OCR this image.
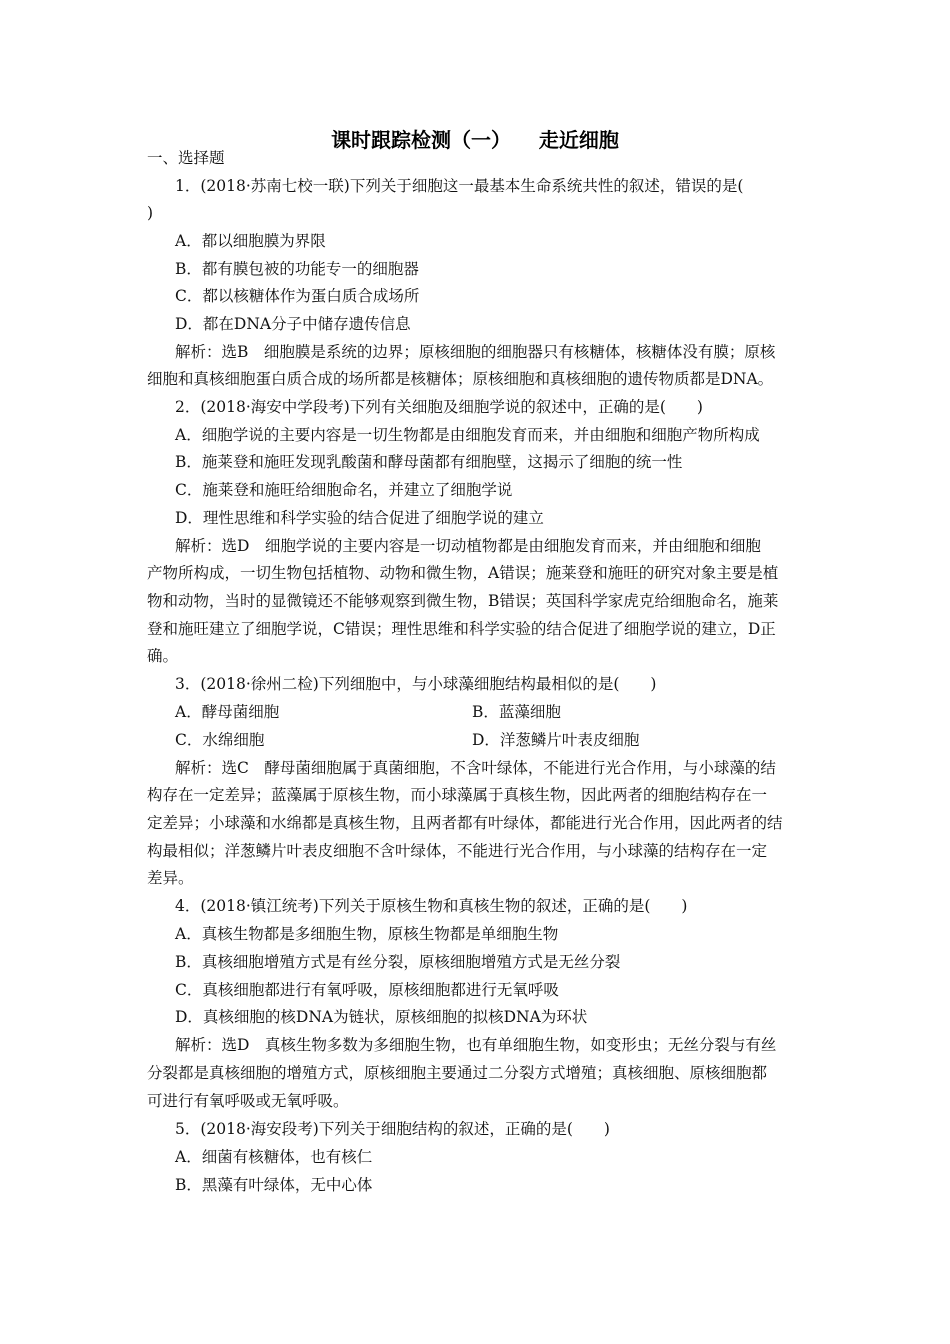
课时跟踪检测（一）    走近细胞
一、选择题
1．(2018·苏南七校一联)下列关于细胞这一最基本生命系统共性的叙述，错误的是(
)
A．都以细胞膜为界限
B．都有膜包被的功能专一的细胞器
C．都以核糖体作为蛋白质合成场所
D．都在DNA分子中储存遗传信息
解析：选B　细胞膜是系统的边界；原核细胞的细胞器只有核糖体，核糖体没有膜；原核
细胞和真核细胞蛋白质合成的场所都是核糖体；原核细胞和真核细胞的遗传物质都是DNA。
2．(2018·海安中学段考)下列有关细胞及细胞学说的叙述中，正确的是(　　)
A．细胞学说的主要内容是一切生物都是由细胞发育而来，并由细胞和细胞产物所构成
B．施莱登和施旺发现乳酸菌和酵母菌都有细胞壁，这揭示了细胞的统一性
C．施莱登和施旺给细胞命名，并建立了细胞学说
D．理性思维和科学实验的结合促进了细胞学说的建立
解析：选D　细胞学说的主要内容是一切动植物都是由细胞发育而来，并由细胞和细胞
产物所构成，一切生物包括植物、动物和微生物，A错误；施莱登和施旺的研究对象主要是植
物和动物，当时的显微镜还不能够观察到微生物，B错误；英国科学家虎克给细胞命名，施莱
登和施旺建立了细胞学说，C错误；理性思维和科学实验的结合促进了细胞学说的建立，D正
确。
3．(2018·徐州二检)下列细胞中，与小球藻细胞结构最相似的是(　　)
A．酵母菌细胞	B．蓝藻细胞
C．水绵细胞	D．洋葱鳞片叶表皮细胞
解析：选C　酵母菌细胞属于真菌细胞，不含叶绿体，不能进行光合作用，与小球藻的结
构存在一定差异；蓝藻属于原核生物，而小球藻属于真核生物，因此两者的细胞结构存在一
定差异；小球藻和水绵都是真核生物，且两者都有叶绿体，都能进行光合作用，因此两者的结
构最相似；洋葱鳞片叶表皮细胞不含叶绿体，不能进行光合作用，与小球藻的结构存在一定
差异。
4．(2018·镇江统考)下列关于原核生物和真核生物的叙述，正确的是(　　)
A．真核生物都是多细胞生物，原核生物都是单细胞生物
B．真核细胞增殖方式是有丝分裂，原核细胞增殖方式是无丝分裂
C．真核细胞都进行有氧呼吸，原核细胞都进行无氧呼吸
D．真核细胞的核DNA为链状，原核细胞的拟核DNA为环状
解析：选D　真核生物多数为多细胞生物，也有单细胞生物，如变形虫；无丝分裂与有丝
分裂都是真核细胞的增殖方式，原核细胞主要通过二分裂方式增殖；真核细胞、原核细胞都
可进行有氧呼吸或无氧呼吸。
5．(2018·海安段考)下列关于细胞结构的叙述，正确的是(　　)
A．细菌有核糖体，也有核仁
B．黑藻有叶绿体，无中心体
